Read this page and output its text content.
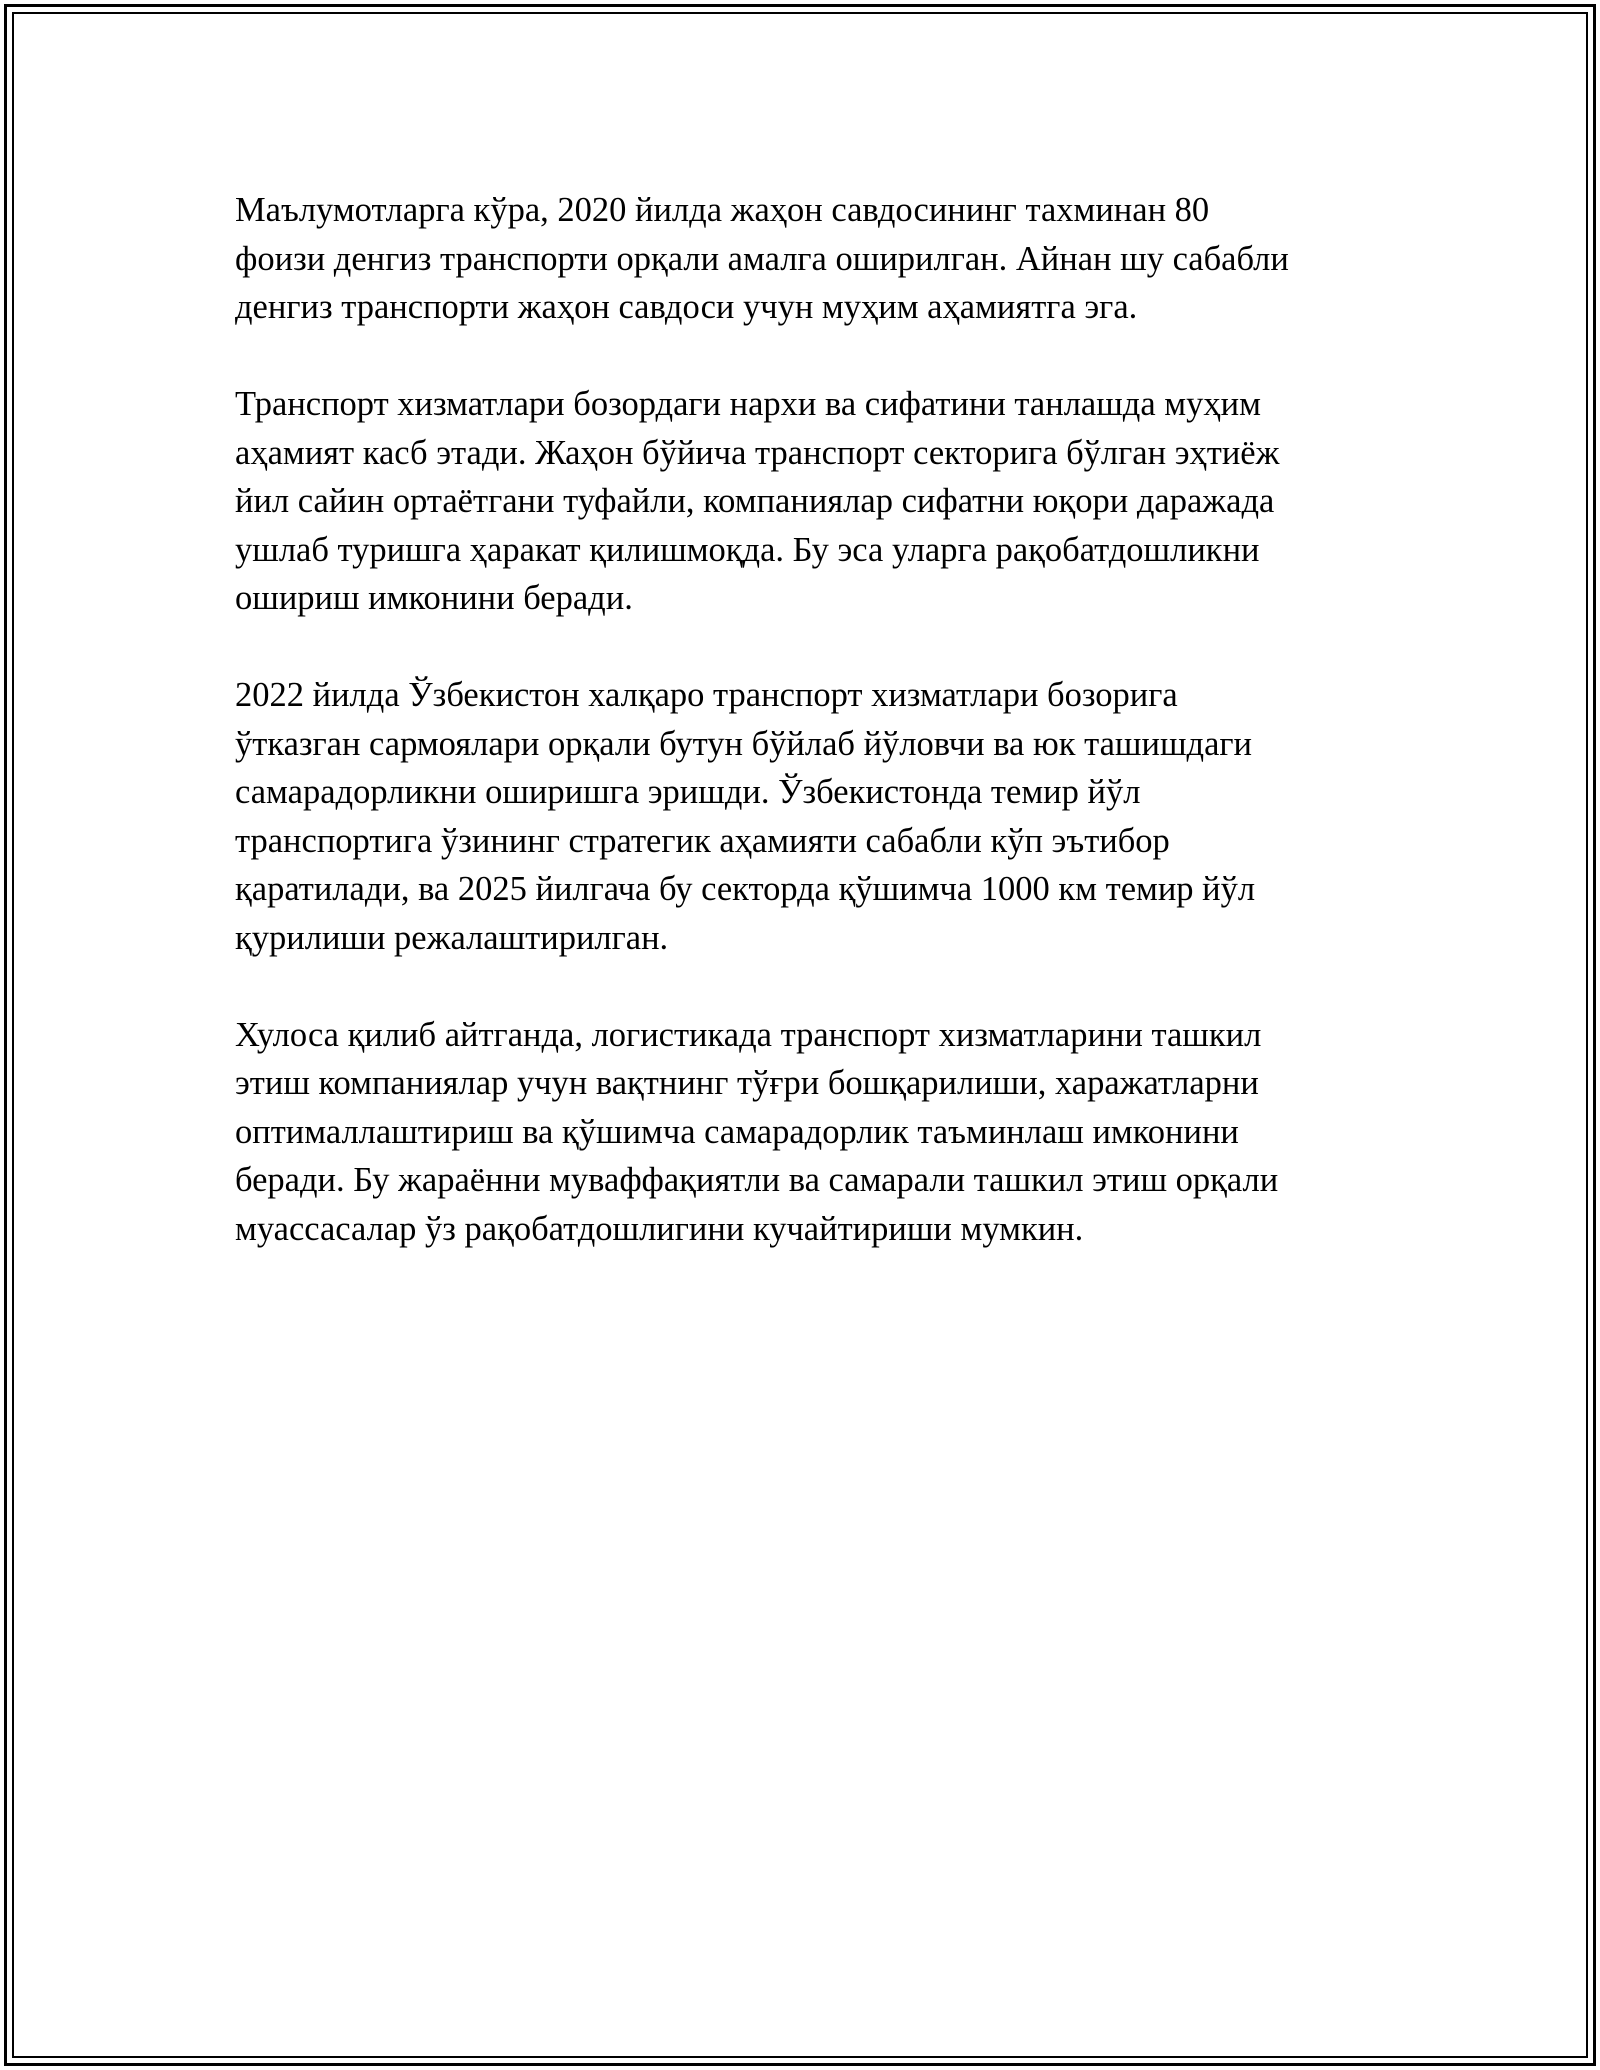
Маълумотларга кўра, 2020 йилда жаҳон савдосининг тахминан 80
фоизи денгиз транспорти орқали амалга оширилган. Айнан шу сабабли
денгиз транспорти жаҳон савдоси учун муҳим аҳамиятга эга.

Транспорт хизматлари бозордаги нархи ва сифатини танлашда муҳим
аҳамият касб этади. Жаҳон бўйича транспорт секторига бўлган эҳтиёж
йил сайин ортаётгани туфайли, компаниялар сифатни юқори даражада
ушлаб туришга ҳаракат қилишмоқда. Бу эса уларга рақобатдошликни
ошириш имконини беради.

2022 йилда Ўзбекистон халқаро транспорт хизматлари бозорига
ўтказган сармоялари орқали бутун бўйлаб йўловчи ва юк ташишдаги
самарадорликни оширишга эришди. Ўзбекистонда темир йўл
транспортига ўзининг стратегик аҳамияти сабабли кўп эътибор
қаратилади, ва 2025 йилгача бу секторда қўшимча 1000 км темир йўл
қурилиши режалаштирилган.

Хулоса қилиб айтганда, логистикада транспорт хизматларини ташкил
этиш компаниялар учун вақтнинг тўғри бошқарилиши, харажатларни
оптималлаштириш ва қўшимча самарадорлик таъминлаш имконини
беради. Бу жараённи муваффақиятли ва самарали ташкил этиш орқали
муассасалар ўз рақобатдошлигини кучайтириши мумкин.
